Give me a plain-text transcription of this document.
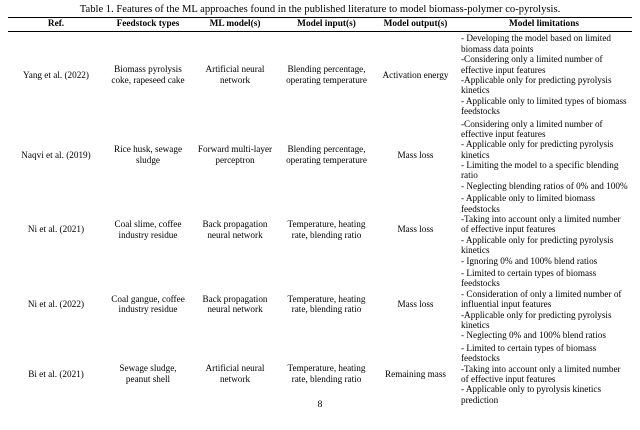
Table 1. Features of the ML approaches found in the published literature to model biomass-polymer co-pyrolysis.
Ref.	Feedstock types	ML model(s)	Model input(s)	Model output(s)	Model limitations
Yang et al. (2022)	Biomass pyrolysis coke, rapeseed cake	Artificial neural network	Blending percentage, operating temperature	Activation energy	- Developing the model based on limited biomass data points
-Considering only a limited number of effective input features
-Applicable only for predicting pyrolysis kinetics
- Applicable only to limited types of biomass feedstocks

Naqvi et al. (2019)	Rice husk, sewage sludge	Forward multi-layer perceptron	Blending percentage, operating temperature	Mass loss	-Considering only a limited number of effective input features
- Applicable only for predicting pyrolysis kinetics
- Limiting the model to a specific blending ratio
- Neglecting blending ratios of 0% and 100%

Ni et al. (2021)	Coal slime, coffee industry residue	Back propagation neural network	Temperature, heating rate, blending ratio	Mass loss	- Applicable only to limited biomass feedstocks
-Taking into account only a limited number of effective input features
- Applicable only for predicting pyrolysis kinetics
- Ignoring 0% and 100% blend ratios

Ni et al. (2022)	Coal gangue, coffee industry residue	Back propagation neural network	Temperature, heating rate, blending ratio	Mass loss	- Limited to certain types of biomass feedstocks
- Consideration of only a limited number of influential input features
-Applicable only for predicting pyrolysis kinetics
- Neglecting 0% and 100% blend ratios

Bi et al. (2021)	Sewage sludge, peanut shell	Artificial neural network	Temperature, heating rate, blending ratio	Remaining mass	- Limited to certain types of biomass feedstocks
-Taking into account only a limited number of effective input features
- Applicable only to pyrolysis kinetics prediction
8
